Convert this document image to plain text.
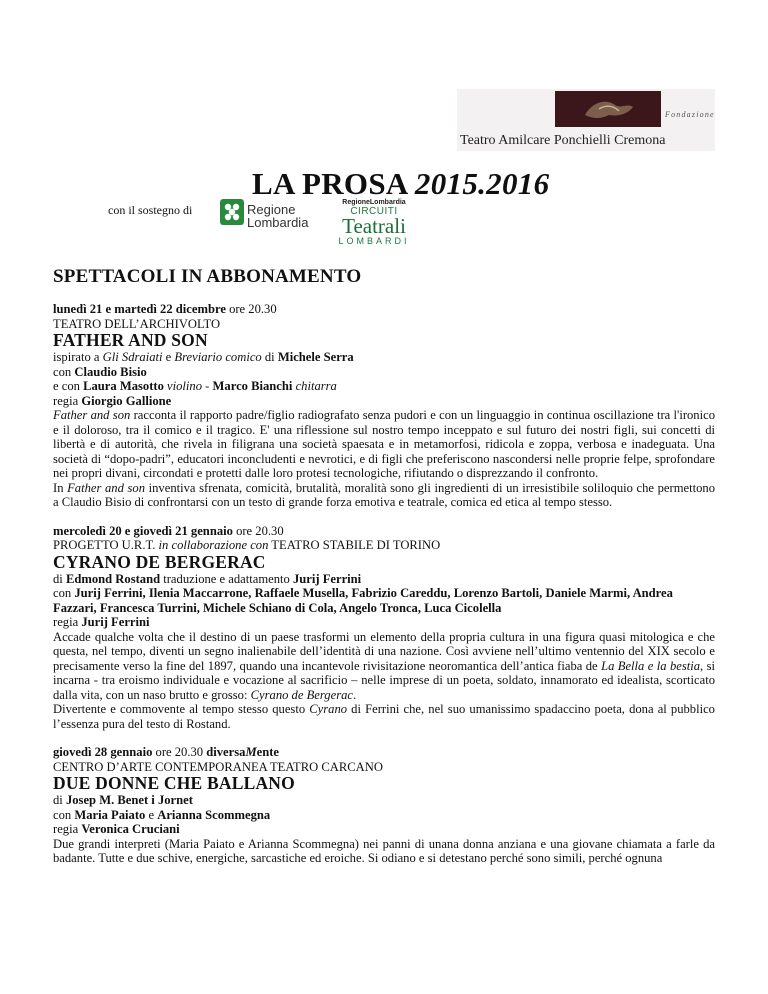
Fondazione
Teatro Amilcare Ponchielli Cremona
LA PROSA 2015.2016
con il sostegno di	Regione
Lombardia
RegioneLombardia
CIRCUITI
Teatrali
LOMBARDI
SPETTACOLI IN ABBONAMENTO

lunedì 21 e martedì 22 dicembre ore 20.30

TEATRO DELL’ARCHIVOLTO

FATHER AND SON

ispirato a Gli Sdraiati e Breviario comico di Michele Serra

con Claudio Bisio

e con Laura Masotto violino - Marco Bianchi chitarra

regia Giorgio Gallione

Father and son racconta il rapporto padre/figlio radiografato senza pudori e con un linguaggio in continua oscillazione tra l'ironico e il doloroso, tra il comico e il tragico. E' una riflessione sul nostro tempo inceppato e sul futuro dei nostri figli, sui concetti di libertà e di autorità, che rivela in filigrana una società spaesata e in metamorfosi, ridicola e zoppa, verbosa e inadeguata. Una società di “dopo-padri”, educatori inconcludenti e nevrotici, e di figli che preferiscono nascondersi nelle proprie felpe, sprofondare nei propri divani, circondati e protetti dalle loro protesi tecnologiche, rifiutando o disprezzando il confronto.

In Father and son inventiva sfrenata, comicità, brutalità, moralità sono gli ingredienti di un irresistibile soliloquio che permettono a Claudio Bisio di confrontarsi con un testo di grande forza emotiva e teatrale, comica ed etica al tempo stesso.

mercoledì 20 e giovedì 21 gennaio ore 20.30

PROGETTO U.R.T. in collaborazione con TEATRO STABILE DI TORINO

CYRANO DE BERGERAC

di Edmond Rostand traduzione e adattamento Jurij Ferrini

con Jurij Ferrini, Ilenia Maccarrone, Raffaele Musella, Fabrizio Careddu, Lorenzo Bartoli, Daniele Marmi, Andrea Fazzari, Francesca Turrini, Michele Schiano di Cola, Angelo Tronca, Luca Cicolella

regia Jurij Ferrini

Accade qualche volta che il destino di un paese trasformi un elemento della propria cultura in una figura quasi mitologica e che questa, nel tempo, diventi un segno inalienabile dell’identità di una nazione. Così avviene nell’ultimo ventennio del XIX secolo e precisamente verso la fine del 1897, quando una incantevole rivisitazione neoromantica dell’antica fiaba de La Bella e la bestia, si incarna - tra eroismo individuale e vocazione al sacrificio – nelle imprese di un poeta, soldato, innamorato ed idealista, scorticato dalla vita, con un naso brutto e grosso: Cyrano de Bergerac.

Divertente e commovente al tempo stesso questo Cyrano di Ferrini che, nel suo umanissimo spadaccino poeta, dona al pubblico l’essenza pura del testo di Rostand.

giovedì 28 gennaio ore 20.30 diversaMente

CENTRO D’ARTE CONTEMPORANEA TEATRO CARCANO

DUE DONNE CHE BALLANO

di Josep M. Benet i Jornet

con Maria Paiato e Arianna Scommegna

regia Veronica Cruciani

Due grandi interpreti (Maria Paiato e Arianna Scommegna) nei panni di unana donna anziana e una giovane chiamata a farle da badante. Tutte e due schive, energiche, sarcastiche ed eroiche. Si odiano e si detestano perché sono simili, perché ognuna
